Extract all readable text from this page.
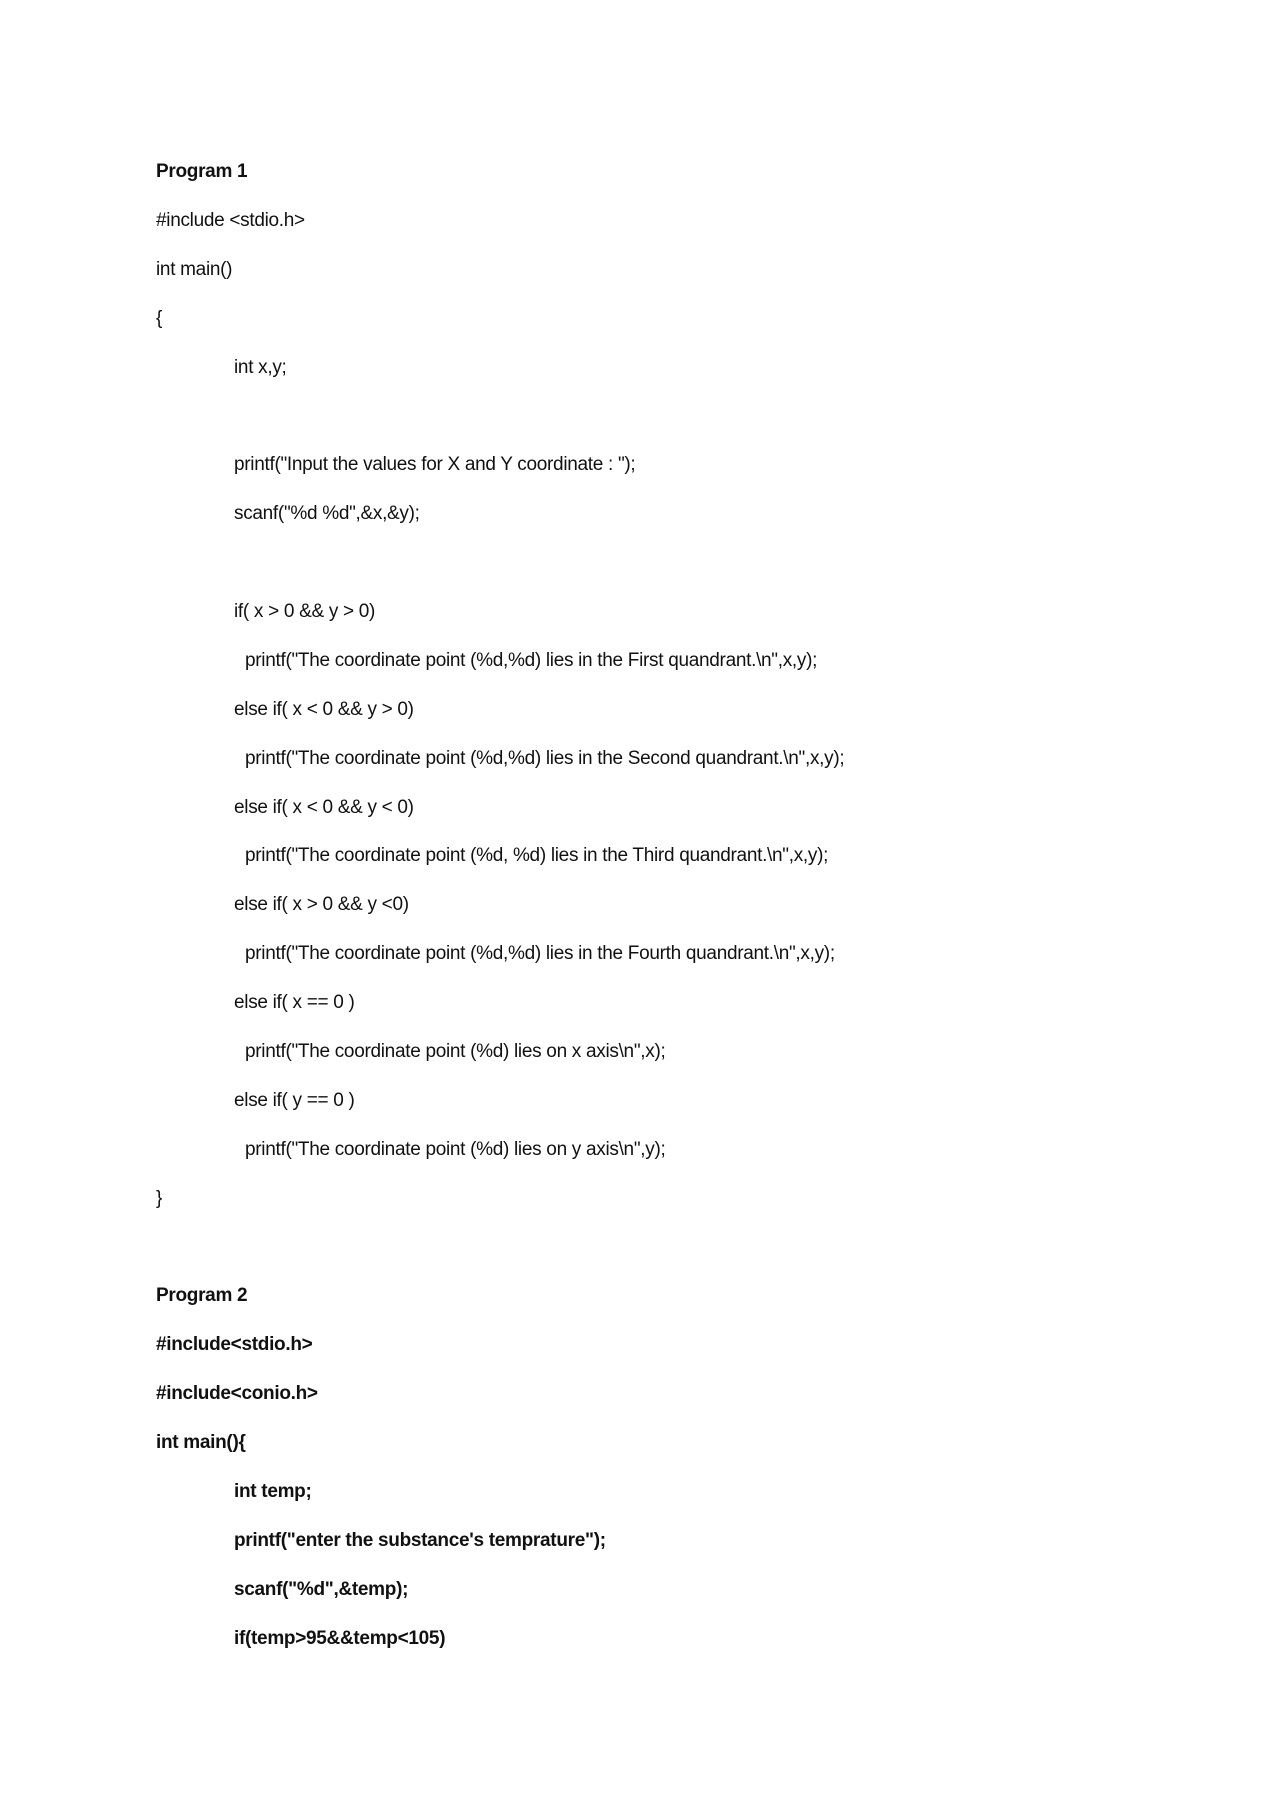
Program 1
#include <stdio.h>
int main()
{
int x,y;
printf("Input the values for X and Y coordinate : ");
scanf("%d %d",&x,&y);
if( x > 0 && y > 0)
printf("The coordinate point (%d,%d) lies in the First quandrant.\n",x,y);
else if( x < 0 && y > 0)
printf("The coordinate point (%d,%d) lies in the Second quandrant.\n",x,y);
else if( x < 0 && y < 0)
printf("The coordinate point (%d, %d) lies in the Third quandrant.\n",x,y);
else if( x > 0 && y <0)
printf("The coordinate point (%d,%d) lies in the Fourth quandrant.\n",x,y);
else if( x == 0 )
printf("The coordinate point (%d) lies on x axis\n",x);
else if( y == 0 )
printf("The coordinate point (%d) lies on y axis\n",y);
}
Program 2
#include<stdio.h>
#include<conio.h>
int main(){
int temp;
printf("enter the substance's temprature");
scanf("%d",&temp);
if(temp>95&&temp<105)
